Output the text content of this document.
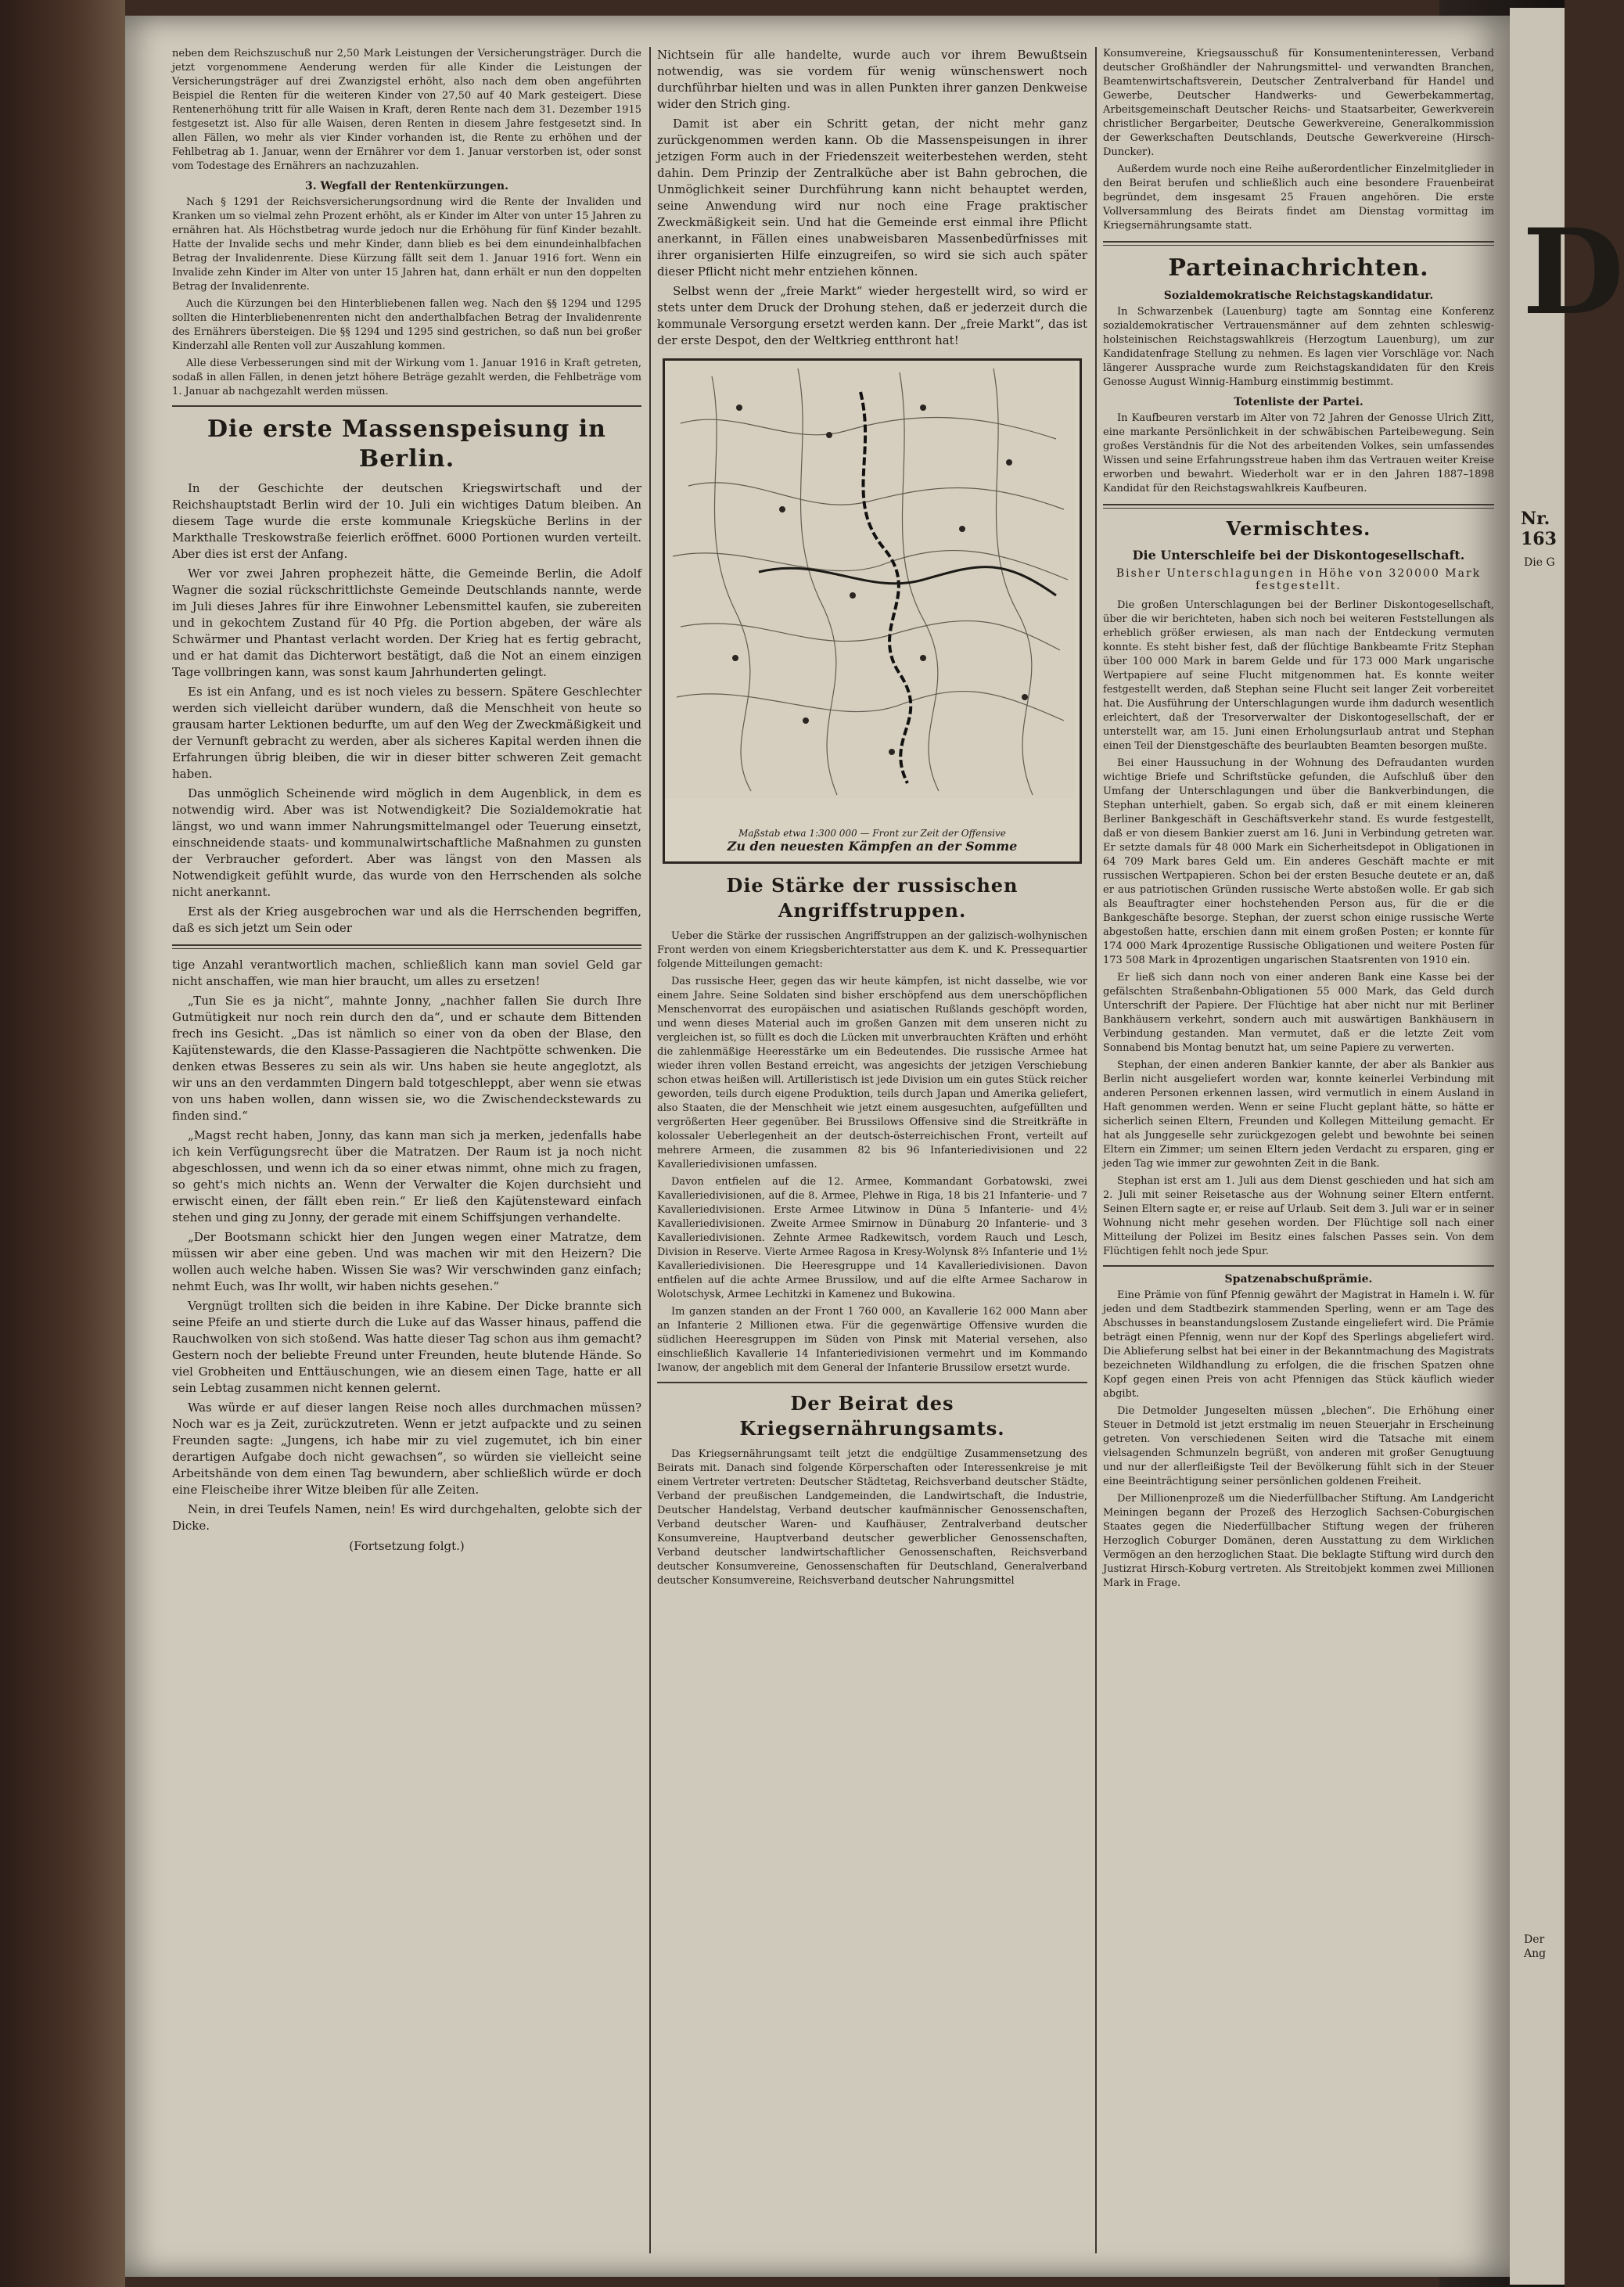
neben dem Reichszuschuß nur 2,50 Mark Leistungen der Versicherungsträger. Durch die jetzt vorgenommene Aenderung werden für alle Kinder die Leistungen der Versicherungsträger auf drei Zwanzigstel erhöht, also nach dem oben angeführten Beispiel die Renten für die weiteren Kinder von 27,50 auf 40 Mark gesteigert. Diese Rentenerhöhung tritt für alle Waisen in Kraft, deren Rente nach dem 31. Dezember 1915 festgesetzt ist. Also für alle Waisen, deren Renten in diesem Jahre festgesetzt sind. In allen Fällen, wo mehr als vier Kinder vorhanden ist, die Rente zu erhöhen und der Fehlbetrag ab 1. Januar, wenn der Ernährer vor dem 1. Januar verstorben ist, oder sonst vom Todestage des Ernährers an nachzuzahlen.

3. Wegfall der Rentenkürzungen.

Nach § 1291 der Reichsversicherungsordnung wird die Rente der Invaliden und Kranken um so vielmal zehn Prozent erhöht, als er Kinder im Alter von unter 15 Jahren zu ernähren hat. Als Höchstbetrag wurde jedoch nur die Erhöhung für fünf Kinder bezahlt. Hatte der Invalide sechs und mehr Kinder, dann blieb es bei dem einundeinhalbfachen Betrag der Invalidenrente. Diese Kürzung fällt seit dem 1. Januar 1916 fort. Wenn ein Invalide zehn Kinder im Alter von unter 15 Jahren hat, dann erhält er nun den doppelten Betrag der Invalidenrente.

Auch die Kürzungen bei den Hinterbliebenen fallen weg. Nach den §§ 1294 und 1295 sollten die Hinterbliebenenrenten nicht den anderthalbfachen Betrag der Invalidenrente des Ernährers übersteigen. Die §§ 1294 und 1295 sind gestrichen, so daß nun bei großer Kinderzahl alle Renten voll zur Auszahlung kommen.

Alle diese Verbesserungen sind mit der Wirkung vom 1. Januar 1916 in Kraft getreten, sodaß in allen Fällen, in denen jetzt höhere Beträge gezahlt werden, die Fehlbeträge vom 1. Januar ab nachgezahlt werden müssen.

Die erste Massenspeisung in Berlin.

In der Geschichte der deutschen Kriegswirtschaft und der Reichshauptstadt Berlin wird der 10. Juli ein wichtiges Datum bleiben. An diesem Tage wurde die erste kommunale Kriegsküche Berlins in der Markthalle Treskowstraße feierlich eröffnet. 6000 Portionen wurden verteilt. Aber dies ist erst der Anfang.

Wer vor zwei Jahren prophezeit hätte, die Gemeinde Berlin, die Adolf Wagner die sozial rückschrittlichste Gemeinde Deutschlands nannte, werde im Juli dieses Jahres für ihre Einwohner Lebensmittel kaufen, sie zubereiten und in gekochtem Zustand für 40 Pfg. die Portion abgeben, der wäre als Schwärmer und Phantast verlacht worden. Der Krieg hat es fertig gebracht, und er hat damit das Dichterwort bestätigt, daß die Not an einem einzigen Tage vollbringen kann, was sonst kaum Jahrhunderten gelingt.

Es ist ein Anfang, und es ist noch vieles zu bessern. Spätere Geschlechter werden sich vielleicht darüber wundern, daß die Menschheit von heute so grausam harter Lektionen bedurfte, um auf den Weg der Zweckmäßigkeit und der Vernunft gebracht zu werden, aber als sicheres Kapital werden ihnen die Erfahrungen übrig bleiben, die wir in dieser bitter schweren Zeit gemacht haben.

Das unmöglich Scheinende wird möglich in dem Augenblick, in dem es notwendig wird. Aber was ist Notwendigkeit? Die Sozialdemokratie hat längst, wo und wann immer Nahrungsmittelmangel oder Teuerung einsetzt, einschneidende staats- und kommunalwirtschaftliche Maßnahmen zu gunsten der Verbraucher gefordert. Aber was längst von den Massen als Notwendigkeit gefühlt wurde, das wurde von den Herrschenden als solche nicht anerkannt.

Erst als der Krieg ausgebrochen war und als die Herrschenden begriffen, daß es sich jetzt um Sein oder

tige Anzahl verantwortlich machen, schließlich kann man soviel Geld gar nicht anschaffen, wie man hier braucht, um alles zu ersetzen!

„Tun Sie es ja nicht“, mahnte Jonny, „nachher fallen Sie durch Ihre Gutmütigkeit nur noch rein durch den da“, und er schaute dem Bittenden frech ins Gesicht. „Das ist nämlich so einer von da oben der Blase, den Kajütenstewards, die den Klasse-Passagieren die Nachtpötte schwenken. Die denken etwas Besseres zu sein als wir. Uns haben sie heute angeglotzt, als wir uns an den verdammten Dingern bald totgeschleppt, aber wenn sie etwas von uns haben wollen, dann wissen sie, wo die Zwischendeckstewards zu finden sind.“

„Magst recht haben, Jonny, das kann man sich ja merken, jedenfalls habe ich kein Verfügungsrecht über die Matratzen. Der Raum ist ja noch nicht abgeschlossen, und wenn ich da so einer etwas nimmt, ohne mich zu fragen, so geht's mich nichts an. Wenn der Verwalter die Kojen durchsieht und erwischt einen, der fällt eben rein.“ Er ließ den Kajütensteward einfach stehen und ging zu Jonny, der gerade mit einem Schiffsjungen verhandelte.

„Der Bootsmann schickt hier den Jungen wegen einer Matratze, dem müssen wir aber eine geben. Und was machen wir mit den Heizern? Die wollen auch welche haben. Wissen Sie was? Wir verschwinden ganz einfach; nehmt Euch, was Ihr wollt, wir haben nichts gesehen.“

Vergnügt trollten sich die beiden in ihre Kabine. Der Dicke brannte sich seine Pfeife an und stierte durch die Luke auf das Wasser hinaus, paffend die Rauchwolken von sich stoßend. Was hatte dieser Tag schon aus ihm gemacht? Gestern noch der beliebte Freund unter Freunden, heute blutende Hände. So viel Grobheiten und Enttäuschungen, wie an diesem einen Tage, hatte er all sein Lebtag zusammen nicht kennen gelernt.

Was würde er auf dieser langen Reise noch alles durchmachen müssen? Noch war es ja Zeit, zurückzutreten. Wenn er jetzt aufpackte und zu seinen Freunden sagte: „Jungens, ich habe mir zu viel zugemutet, ich bin einer derartigen Aufgabe doch nicht gewachsen“, so würden sie vielleicht seine Arbeitshände von dem einen Tag bewundern, aber schließlich würde er doch eine Fleischeibe ihrer Witze bleiben für alle Zeiten.

Nein, in drei Teufels Namen, nein! Es wird durchgehalten, gelobte sich der Dicke.

(Fortsetzung folgt.)

Nichtsein für alle handelte, wurde auch vor ihrem Bewußtsein notwendig, was sie vordem für wenig wünschenswert noch durchführbar hielten und was in allen Punkten ihrer ganzen Denkweise wider den Strich ging.

Damit ist aber ein Schritt getan, der nicht mehr ganz zurückgenommen werden kann. Ob die Massenspeisungen in ihrer jetzigen Form auch in der Friedenszeit weiterbestehen werden, steht dahin. Dem Prinzip der Zentralküche aber ist Bahn gebrochen, die Unmöglichkeit seiner Durchführung kann nicht behauptet werden, seine Anwendung wird nur noch eine Frage praktischer Zweckmäßigkeit sein. Und hat die Gemeinde erst einmal ihre Pflicht anerkannt, in Fällen eines unabweisbaren Massenbedürfnisses mit ihrer organisierten Hilfe einzugreifen, so wird sie sich auch später dieser Pflicht nicht mehr entziehen können.

Selbst wenn der „freie Markt“ wieder hergestellt wird, so wird er stets unter dem Druck der Drohung stehen, daß er jederzeit durch die kommunale Versorgung ersetzt werden kann. Der „freie Markt“, das ist der erste Despot, den der Weltkrieg entthront hat!

Maßstab etwa 1:300 000 — Front zur Zeit der Offensive
Zu den neuesten Kämpfen an der Somme
Die Stärke der russischen Angriffstruppen.

Ueber die Stärke der russischen Angriffstruppen an der galizisch-wolhynischen Front werden von einem Kriegsberichterstatter aus dem K. und K. Pressequartier folgende Mitteilungen gemacht:

Das russische Heer, gegen das wir heute kämpfen, ist nicht dasselbe, wie vor einem Jahre. Seine Soldaten sind bisher erschöpfend aus dem unerschöpflichen Menschenvorrat des europäischen und asiatischen Rußlands geschöpft worden, und wenn dieses Material auch im großen Ganzen mit dem unseren nicht zu vergleichen ist, so füllt es doch die Lücken mit unverbrauchten Kräften und erhöht die zahlenmäßige Heeresstärke um ein Bedeutendes. Die russische Armee hat wieder ihren vollen Bestand erreicht, was angesichts der jetzigen Verschiebung schon etwas heißen will. Artilleristisch ist jede Division um ein gutes Stück reicher geworden, teils durch eigene Produktion, teils durch Japan und Amerika geliefert, also Staaten, die der Menschheit wie jetzt einem ausgesuchten, aufgefüllten und vergrößerten Heer gegenüber. Bei Brussilows Offensive sind die Streitkräfte in kolossaler Ueberlegenheit an der deutsch-österreichischen Front, verteilt auf mehrere Armeen, die zusammen 82 bis 96 Infanteriedivisionen und 22 Kavalleriedivisionen umfassen.

Davon entfielen auf die 12. Armee, Kommandant Gorbatowski, zwei Kavalleriedivisionen, auf die 8. Armee, Plehwe in Riga, 18 bis 21 Infanterie- und 7 Kavalleriedivisionen. Erste Armee Litwinow in Düna 5 Infanterie- und 4½ Kavalleriedivisionen. Zweite Armee Smirnow in Dünaburg 20 Infanterie- und 3 Kavalleriedivisionen. Zehnte Armee Radkewitsch, vordem Rauch und Lesch, Division in Reserve. Vierte Armee Ragosa in Kresy-Wolynsk 8⅔ Infanterie und 1½ Kavalleriedivisionen. Die Heeresgruppe und 14 Kavalleriedivisionen. Davon entfielen auf die achte Armee Brussilow, und auf die elfte Armee Sacharow in Wolotschysk, Armee Lechitzki in Kamenez und Bukowina.

Im ganzen standen an der Front 1 760 000, an Kavallerie 162 000 Mann aber an Infanterie 2 Millionen etwa. Für die gegenwärtige Offensive wurden die südlichen Heeresgruppen im Süden von Pinsk mit Material versehen, also einschließlich Kavallerie 14 Infanteriedivisionen vermehrt und im Kommando Iwanow, der angeblich mit dem General der Infanterie Brussilow ersetzt wurde.

Der Beirat des Kriegsernährungsamts.

Das Kriegsernährungsamt teilt jetzt die endgültige Zusammensetzung des Beirats mit. Danach sind folgende Körperschaften oder Interessenkreise je mit einem Vertreter vertreten: Deutscher Städtetag, Reichsverband deutscher Städte, Verband der preußischen Landgemeinden, die Landwirtschaft, die Industrie, Deutscher Handelstag, Verband deutscher kaufmännischer Genossenschaften, Verband deutscher Waren- und Kaufhäuser, Zentralverband deutscher Konsumvereine, Hauptverband deutscher gewerblicher Genossenschaften, Verband deutscher landwirtschaftlicher Genossenschaften, Reichsverband deutscher Konsumvereine, Genossenschaften für Deutschland, Generalverband deutscher Konsumvereine, Reichsverband deutscher Nahrungsmittel

Konsumvereine, Kriegsausschuß für Konsumenteninteressen, Verband deutscher Großhändler der Nahrungsmittel- und verwandten Branchen, Beamtenwirtschaftsverein, Deutscher Zentralverband für Handel und Gewerbe, Deutscher Handwerks- und Gewerbekammertag, Arbeitsgemeinschaft Deutscher Reichs- und Staatsarbeiter, Gewerkverein christlicher Bergarbeiter, Deutsche Gewerkvereine, Generalkommission der Gewerkschaften Deutschlands, Deutsche Gewerkvereine (Hirsch-Duncker).

Außerdem wurde noch eine Reihe außerordentlicher Einzelmitglieder in den Beirat berufen und schließlich auch eine besondere Frauenbeirat begründet, dem insgesamt 25 Frauen angehören. Die erste Vollversammlung des Beirats findet am Dienstag vormittag im Kriegsernährungsamte statt.

Parteinachrichten.
Sozialdemokratische Reichstagskandidatur.

In Schwarzenbek (Lauenburg) tagte am Sonntag eine Konferenz sozialdemokratischer Vertrauensmänner auf dem zehnten schleswig-holsteinischen Reichstagswahlkreis (Herzogtum Lauenburg), um zur Kandidatenfrage Stellung zu nehmen. Es lagen vier Vorschläge vor. Nach längerer Aussprache wurde zum Reichstagskandidaten für den Kreis Genosse August Winnig-Hamburg einstimmig bestimmt.

Totenliste der Partei.

In Kaufbeuren verstarb im Alter von 72 Jahren der Genosse Ulrich Zitt, eine markante Persönlichkeit in der schwäbischen Parteibewegung. Sein großes Verständnis für die Not des arbeitenden Volkes, sein umfassendes Wissen und seine Erfahrungsstreue haben ihm das Vertrauen weiter Kreise erworben und bewahrt. Wiederholt war er in den Jahren 1887–1898 Kandidat für den Reichstagswahlkreis Kaufbeuren.

Vermischtes.
Die Unterschleife bei der Diskontogesellschaft.
Bisher Unterschlagungen in Höhe von 320000 Mark festgestellt.

Die großen Unterschlagungen bei der Berliner Diskontogesellschaft, über die wir berichteten, haben sich noch bei weiteren Feststellungen als erheblich größer erwiesen, als man nach der Entdeckung vermuten konnte. Es steht bisher fest, daß der flüchtige Bankbeamte Fritz Stephan über 100 000 Mark in barem Gelde und für 173 000 Mark ungarische Wertpapiere auf seine Flucht mitgenommen hat. Es konnte weiter festgestellt werden, daß Stephan seine Flucht seit langer Zeit vorbereitet hat. Die Ausführung der Unterschlagungen wurde ihm dadurch wesentlich erleichtert, daß der Tresorverwalter der Diskontogesellschaft, der er unterstellt war, am 15. Juni einen Erholungsurlaub antrat und Stephan einen Teil der Dienstgeschäfte des beurlaubten Beamten besorgen mußte.

Bei einer Haussuchung in der Wohnung des Defraudanten wurden wichtige Briefe und Schriftstücke gefunden, die Aufschluß über den Umfang der Unterschlagungen und über die Bankverbindungen, die Stephan unterhielt, gaben. So ergab sich, daß er mit einem kleineren Berliner Bankgeschäft in Geschäftsverkehr stand. Es wurde festgestellt, daß er von diesem Bankier zuerst am 16. Juni in Verbindung getreten war. Er setzte damals für 48 000 Mark ein Sicherheitsdepot in Obligationen in 64 709 Mark bares Geld um. Ein anderes Geschäft machte er mit russischen Wertpapieren. Schon bei der ersten Besuche deutete er an, daß er aus patriotischen Gründen russische Werte abstoßen wolle. Er gab sich als Beauftragter einer hochstehenden Person aus, für die er die Bankgeschäfte besorge. Stephan, der zuerst schon einige russische Werte abgestoßen hatte, erschien dann mit einem großen Posten; er konnte für 174 000 Mark 4prozentige Russische Obligationen und weitere Posten für 173 508 Mark in 4prozentigen ungarischen Staatsrenten von 1910 ein.

Er ließ sich dann noch von einer anderen Bank eine Kasse bei der gefälschten Straßenbahn-Obligationen 55 000 Mark, das Geld durch Unterschrift der Papiere. Der Flüchtige hat aber nicht nur mit Berliner Bankhäusern verkehrt, sondern auch mit auswärtigen Bankhäusern in Verbindung gestanden. Man vermutet, daß er die letzte Zeit vom Sonnabend bis Montag benutzt hat, um seine Papiere zu verwerten.

Stephan, der einen anderen Bankier kannte, der aber als Bankier aus Berlin nicht ausgeliefert worden war, konnte keinerlei Verbindung mit anderen Personen erkennen lassen, wird vermutlich in einem Ausland in Haft genommen werden. Wenn er seine Flucht geplant hätte, so hätte er sicherlich seinen Eltern, Freunden und Kollegen Mitteilung gemacht. Er hat als Junggeselle sehr zurückgezogen gelebt und bewohnte bei seinen Eltern ein Zimmer; um seinen Eltern jeden Verdacht zu ersparen, ging er jeden Tag wie immer zur gewohnten Zeit in die Bank.

Stephan ist erst am 1. Juli aus dem Dienst geschieden und hat sich am 2. Juli mit seiner Reisetasche aus der Wohnung seiner Eltern entfernt. Seinen Eltern sagte er, er reise auf Urlaub. Seit dem 3. Juli war er in seiner Wohnung nicht mehr gesehen worden. Der Flüchtige soll nach einer Mitteilung der Polizei im Besitz eines falschen Passes sein. Von dem Flüchtigen fehlt noch jede Spur.

Spatzenabschußprämie.

Eine Prämie von fünf Pfennig gewährt der Magistrat in Hameln i. W. für jeden und dem Stadtbezirk stammenden Sperling, wenn er am Tage des Abschusses in beanstandungslosem Zustande eingeliefert wird. Die Prämie beträgt einen Pfennig, wenn nur der Kopf des Sperlings abgeliefert wird. Die Ablieferung selbst hat bei einer in der Bekanntmachung des Magistrats bezeichneten Wildhandlung zu erfolgen, die die frischen Spatzen ohne Kopf gegen einen Preis von acht Pfennigen das Stück käuflich wieder abgibt.

Die Detmolder Jungeselten müssen „blechen“. Die Erhöhung einer Steuer in Detmold ist jetzt erstmalig im neuen Steuerjahr in Erscheinung getreten. Von verschiedenen Seiten wird die Tatsache mit einem vielsagenden Schmunzeln begrüßt, von anderen mit großer Genugtuung und nur der allerfleißigste Teil der Bevölkerung fühlt sich in der Steuer eine Beeinträchtigung seiner persönlichen goldenen Freiheit.

Der Millionenprozeß um die Niederfüllbacher Stiftung. Am Landgericht Meiningen begann der Prozeß des Herzoglich Sachsen-Coburgischen Staates gegen die Niederfüllbacher Stiftung wegen der früheren Herzoglich Coburger Domänen, deren Ausstattung zu dem Wirklichen Vermögen an den herzoglichen Staat. Die beklagte Stiftung wird durch den Justizrat Hirsch-Koburg vertreten. Als Streitobjekt kommen zwei Millionen Mark in Frage.

D
Nr. 163
Die G
Der Ang
